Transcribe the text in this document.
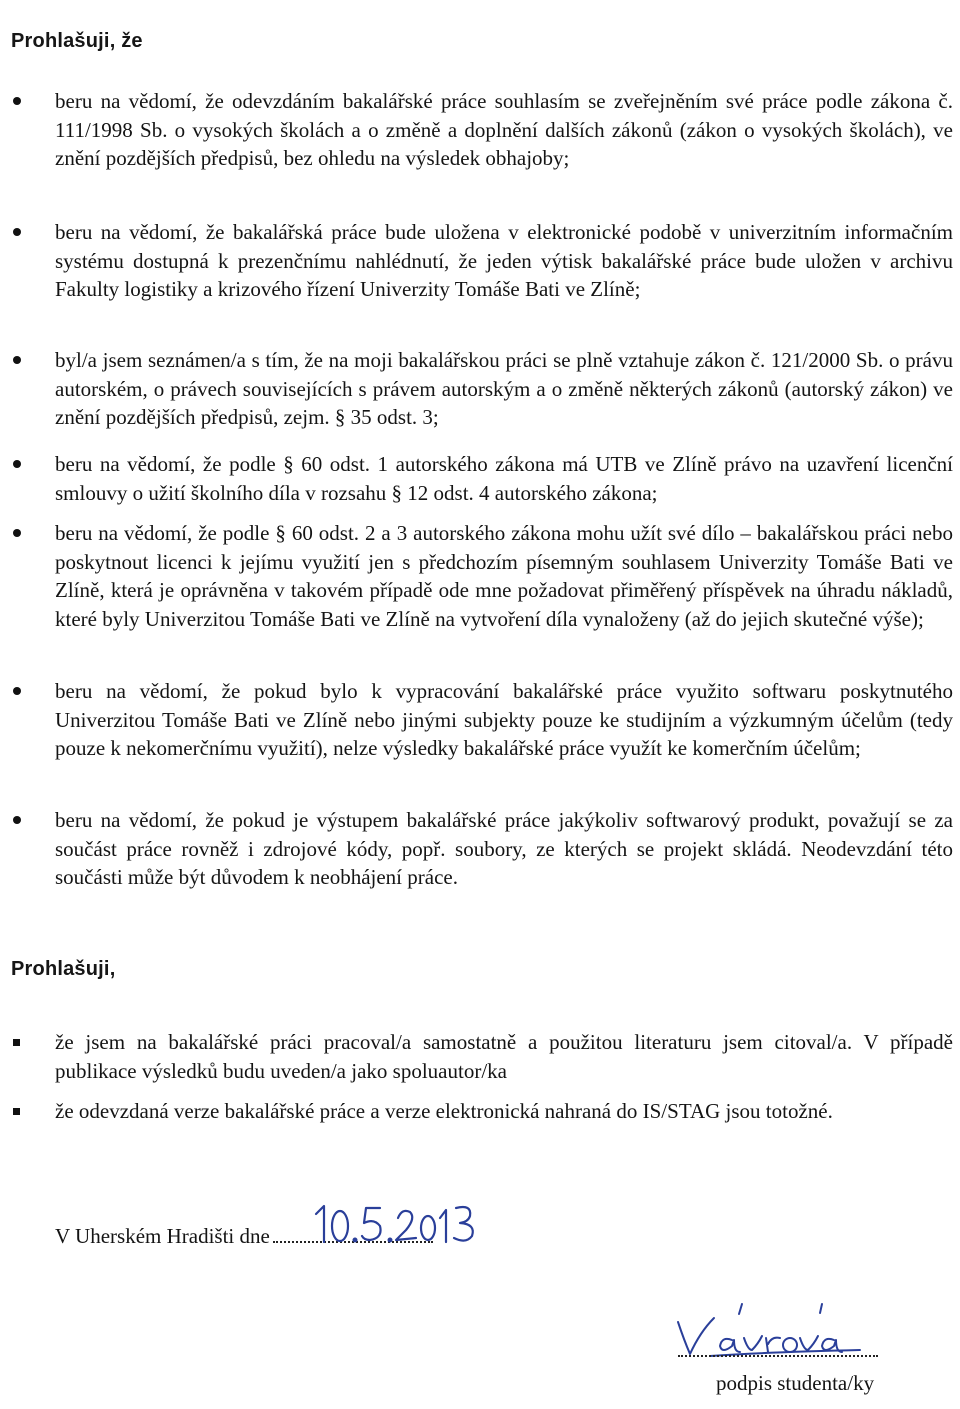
Prohlašuji, že
beru na vědomí, že odevzdáním bakalářské práce souhlasím se zveřejněním své práce podle zákona č. 111/1998 Sb. o vysokých školách a o změně a doplnění dalších zákonů (zákon o vysokých školách), ve znění pozdějších předpisů, bez ohledu na výsledek obhajoby;
beru na vědomí, že bakalářská práce bude uložena v elektronické podobě v univerzitním informačním systému dostupná k prezenčnímu nahlédnutí, že jeden výtisk bakalářské práce bude uložen v archivu Fakulty logistiky a krizového řízení Univerzity Tomáše Bati ve Zlíně;
byl/a jsem seznámen/a s tím, že na moji bakalářskou práci se plně vztahuje zákon č. 121/2000 Sb. o právu autorském, o právech souvisejících s právem autorským a o změně některých zákonů (autorský zákon) ve znění pozdějších předpisů, zejm. § 35 odst. 3;
beru na vědomí, že podle § 60 odst. 1 autorského zákona má UTB ve Zlíně právo na uzavření licenční smlouvy o užití školního díla v rozsahu § 12 odst. 4 autorského zákona;
beru na vědomí, že podle § 60 odst. 2 a 3 autorského zákona mohu užít své dílo – bakalářskou práci nebo poskytnout licenci k jejímu využití jen s předchozím písemným souhlasem Univerzity Tomáše Bati ve Zlíně, která je oprávněna v takovém případě ode mne požadovat přiměřený příspěvek na úhradu nákladů, které byly Univerzitou Tomáše Bati ve Zlíně na vytvoření díla vynaloženy (až do jejich skutečné výše);
beru na vědomí, že pokud bylo k vypracování bakalářské práce využito softwaru poskytnutého Univerzitou Tomáše Bati ve Zlíně nebo jinými subjekty pouze ke studijním a výzkumným účelům (tedy pouze k nekomerčnímu využití), nelze výsledky bakalářské práce využít ke komerčním účelům;
beru na vědomí, že pokud je výstupem bakalářské práce jakýkoliv softwarový produkt, považují se za součást práce rovněž i zdrojové kódy, popř. soubory, ze kterých se projekt skládá. Neodevzdání této součásti může být důvodem k neobhájení práce.
Prohlašuji,
že jsem na bakalářské práci pracoval/a samostatně a použitou literaturu jsem citoval/a. V případě publikace výsledků budu uveden/a jako spoluautor/ka
že odevzdaná verze bakalářské práce a verze elektronická nahraná do IS/STAG jsou totožné.
V Uherském Hradišti dne
podpis studenta/ky
